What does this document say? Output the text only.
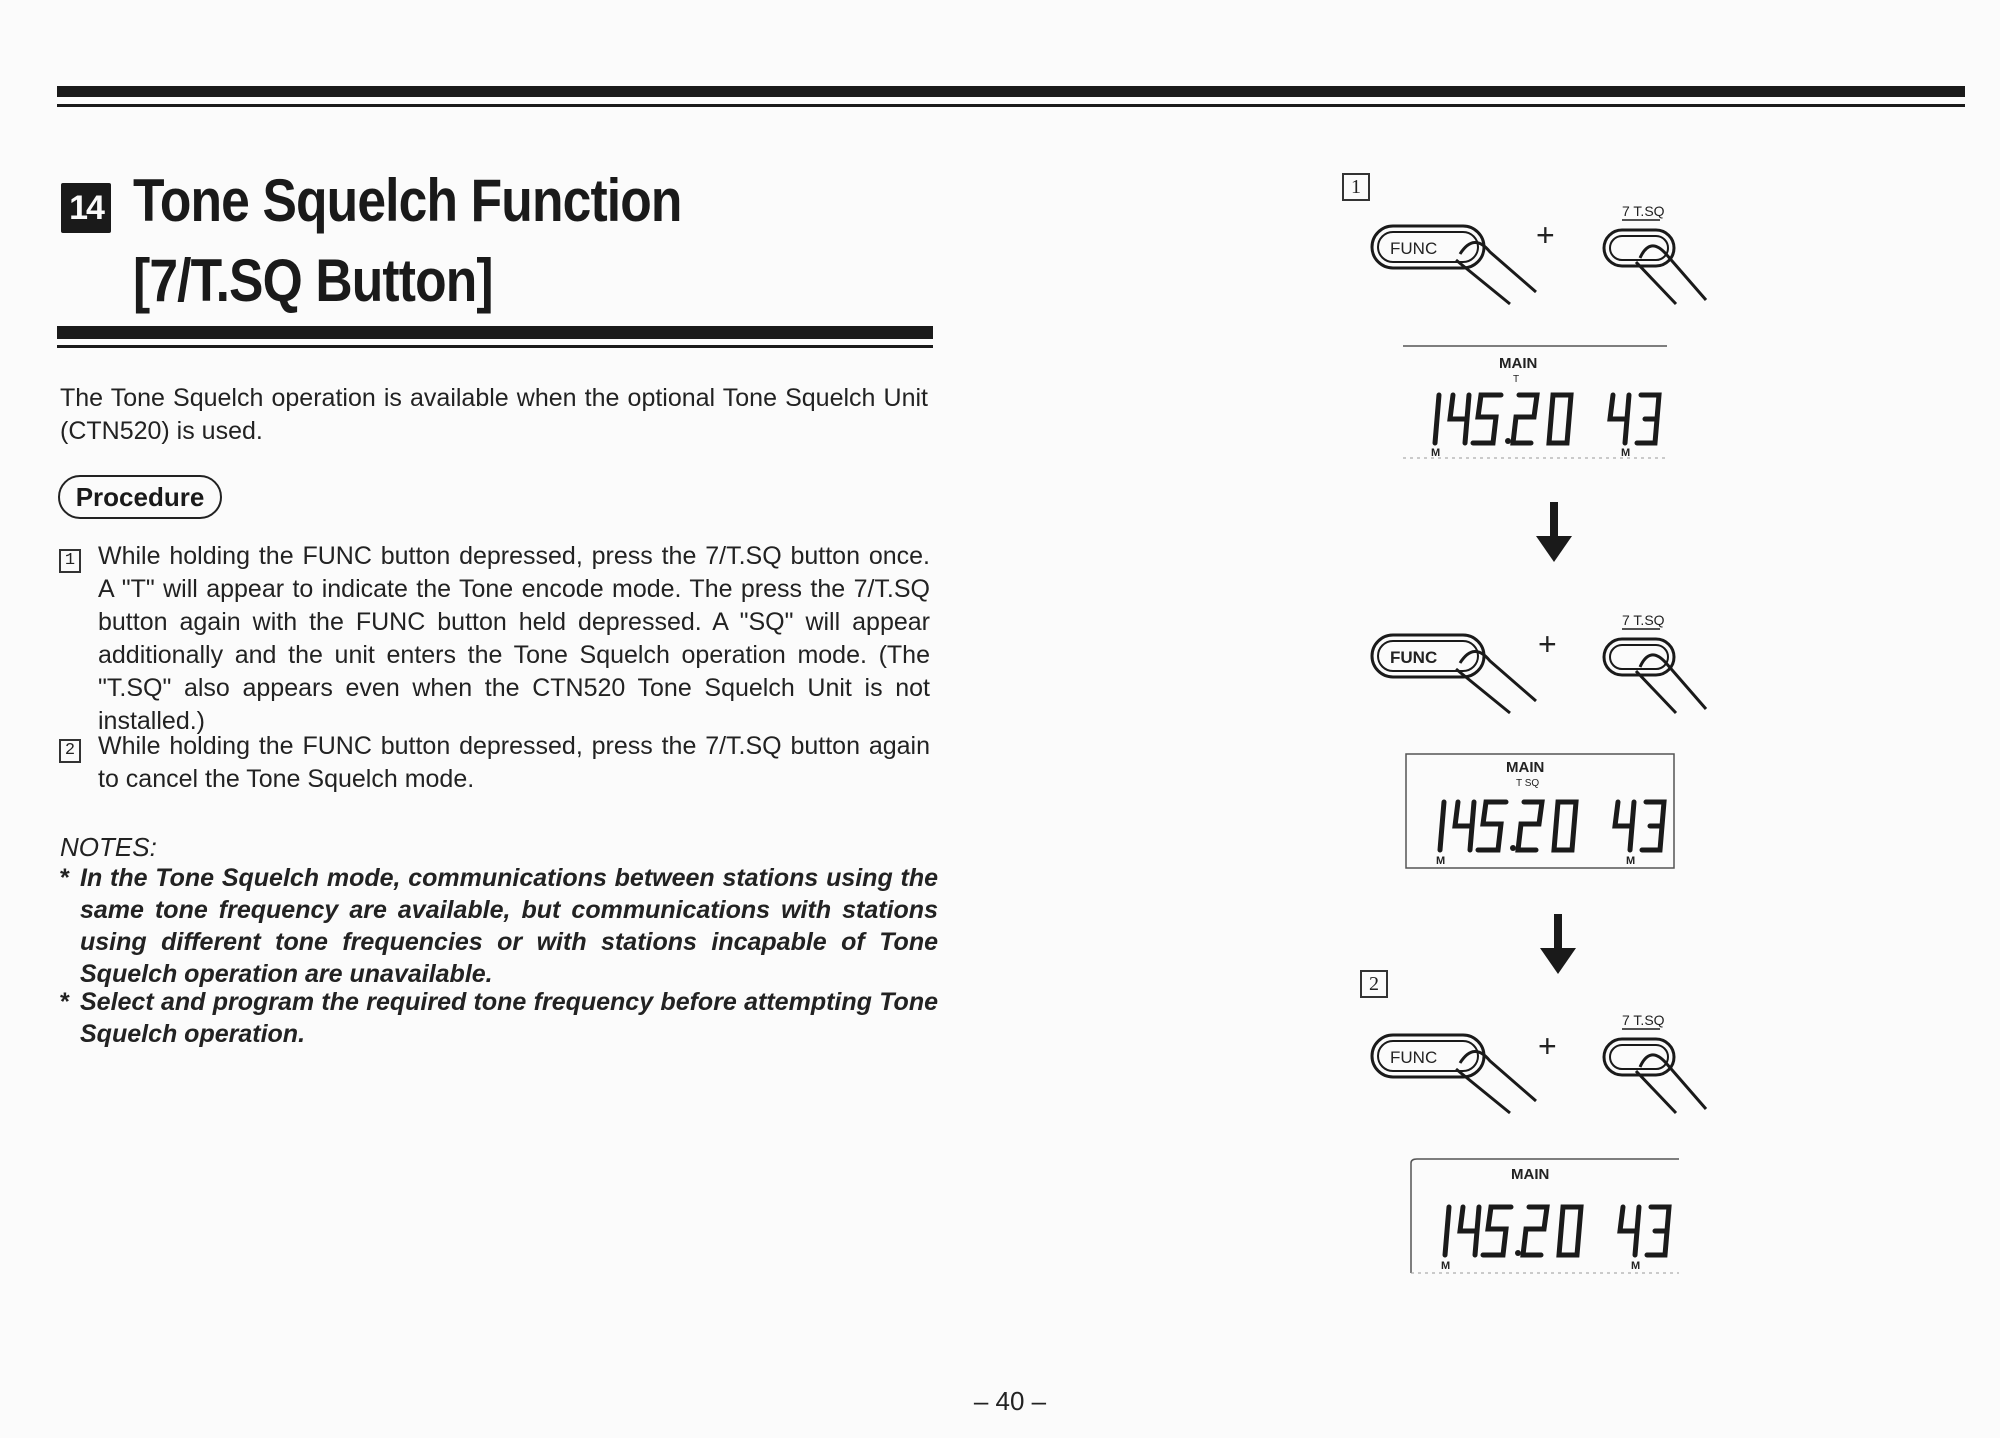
14 Tone Squelch Function
[7/T.SQ Button]
The Tone Squelch operation is available when the optional Tone Squelch Unit (CTN520) is used.
Procedure
1 While holding the FUNC button depressed, press the 7/T.SQ button once. A "T" will appear to indicate the Tone encode mode. The press the 7/T.SQ button again with the FUNC button held depressed. A "SQ" will appear additionally and the unit enters the Tone Squelch operation mode. (The "T.SQ" also appears even when the CTN520 Tone Squelch Unit is not installed.)
2 While holding the FUNC button depressed, press the 7/T.SQ button again to cancel the Tone Squelch mode.
NOTES:
* In the Tone Squelch mode, communications between stations using the same tone frequency are available, but communications with stations using different tone frequencies or with stations incapable of Tone Squelch operation are unavailable.
* Select and program the required tone frequency before attempting Tone Squelch operation.
– 40 –
1
2
FUNC	+
7 T.SQ
FUNC	+
7 T.SQ
FUNC	+
7 T.SQ
MAIN
T
M	M
MAIN
T SQ
M	M
MAIN
M	M
